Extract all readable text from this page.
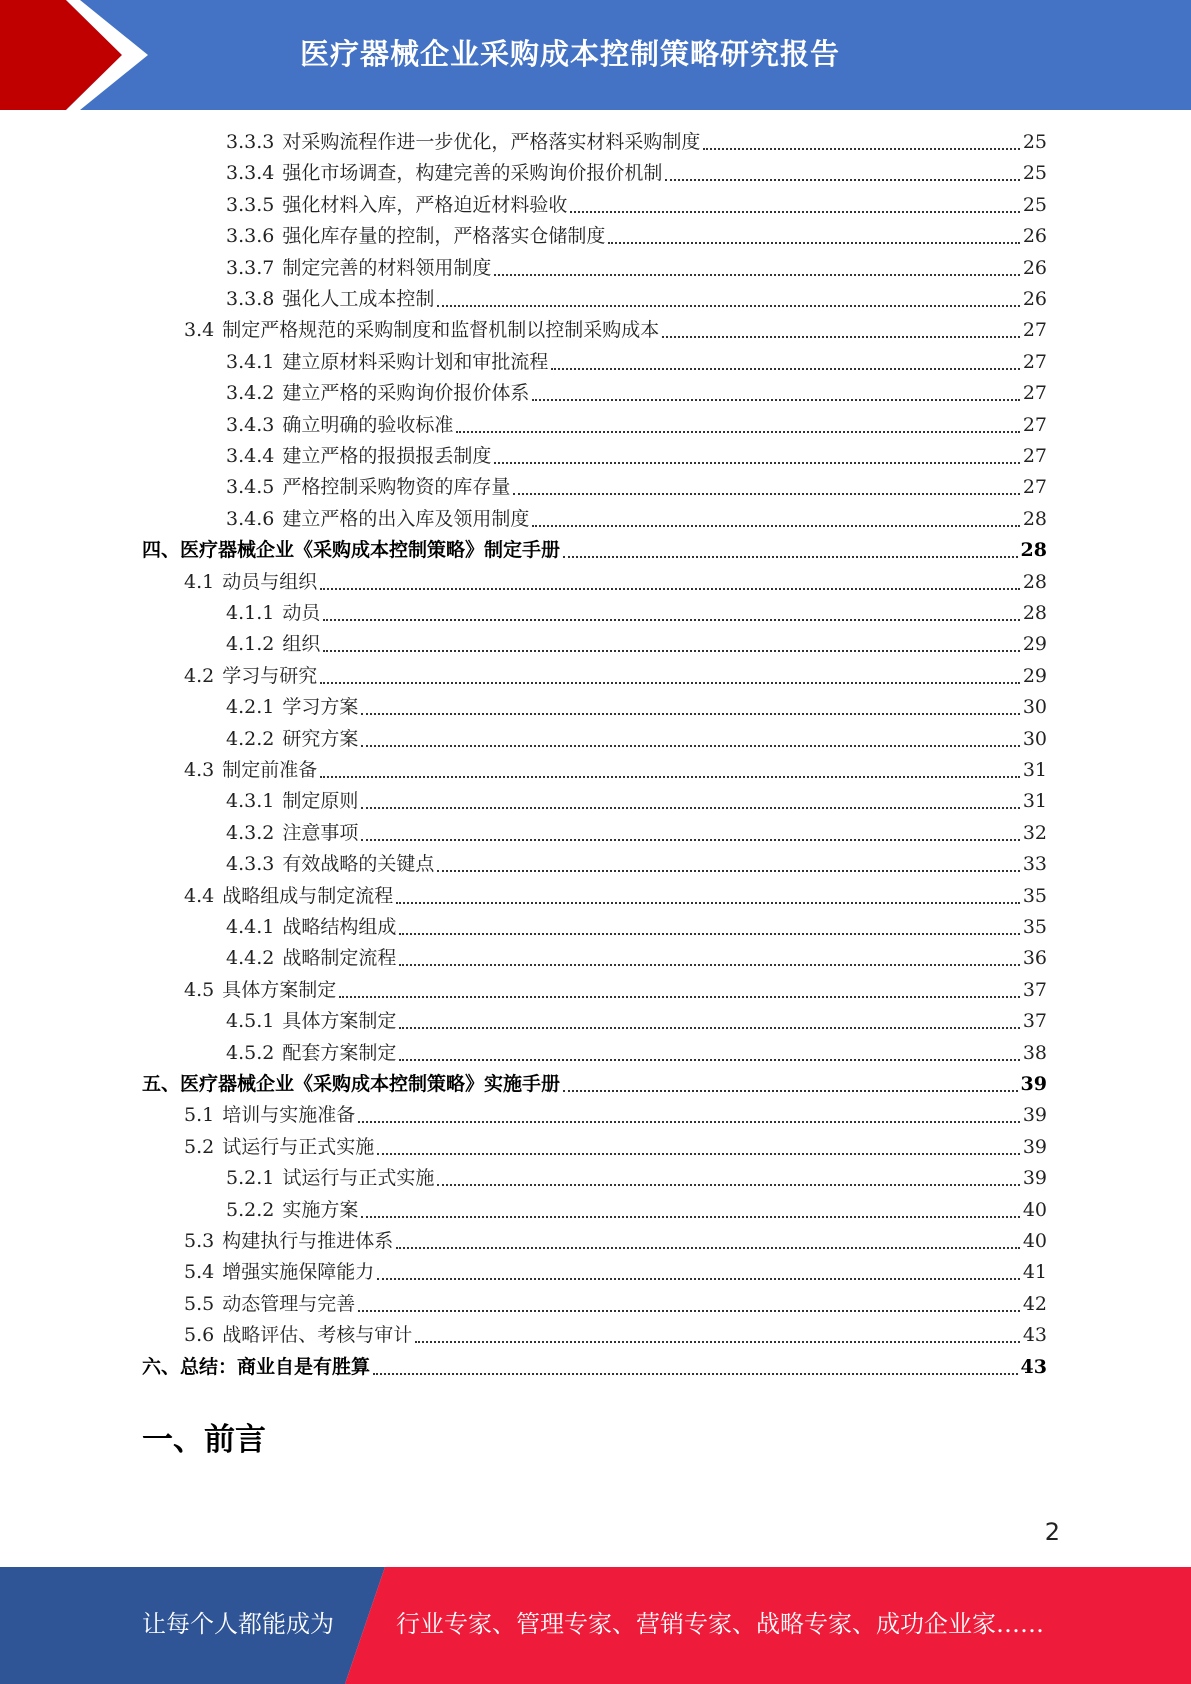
医疗器械企业采购成本控制策略研究报告
3.3.3 对采购流程作进一步优化，严格落实材料采购制度	25
3.3.4 强化市场调查，构建完善的采购询价报价机制	25
3.3.5 强化材料入库，严格迫近材料验收	25
3.3.6 强化库存量的控制，严格落实仓储制度	26
3.3.7 制定完善的材料领用制度	26
3.3.8 强化人工成本控制	26
3.4 制定严格规范的采购制度和监督机制以控制采购成本	27
3.4.1 建立原材料采购计划和审批流程	27
3.4.2 建立严格的采购询价报价体系	27
3.4.3 确立明确的验收标准	27
3.4.4 建立严格的报损报丢制度	27
3.4.5 严格控制采购物资的库存量	27
3.4.6 建立严格的出入库及领用制度	28
四、 医疗器械企业《采购成本控制策略》制定手册	28
4.1 动员与组织	28
4.1.1 动员	28
4.1.2 组织	29
4.2 学习与研究	29
4.2.1 学习方案	30
4.2.2 研究方案	30
4.3 制定前准备	31
4.3.1 制定原则	31
4.3.2 注意事项	32
4.3.3 有效战略的关键点	33
4.4 战略组成与制定流程	35
4.4.1 战略结构组成	35
4.4.2 战略制定流程	36
4.5 具体方案制定	37
4.5.1 具体方案制定	37
4.5.2 配套方案制定	38
五、 医疗器械企业《采购成本控制策略》实施手册	39
5.1 培训与实施准备	39
5.2 试运行与正式实施	39
5.2.1 试运行与正式实施	39
5.2.2 实施方案	40
5.3 构建执行与推进体系	40
5.4 增强实施保障能力	41
5.5 动态管理与完善	42
5.6 战略评估、考核与审计	43
六、 总结：商业自是有胜算	43
一、前言
2
让每个人都能成为	行业专家、管理专家、营销专家、战略专家、成功企业家……
